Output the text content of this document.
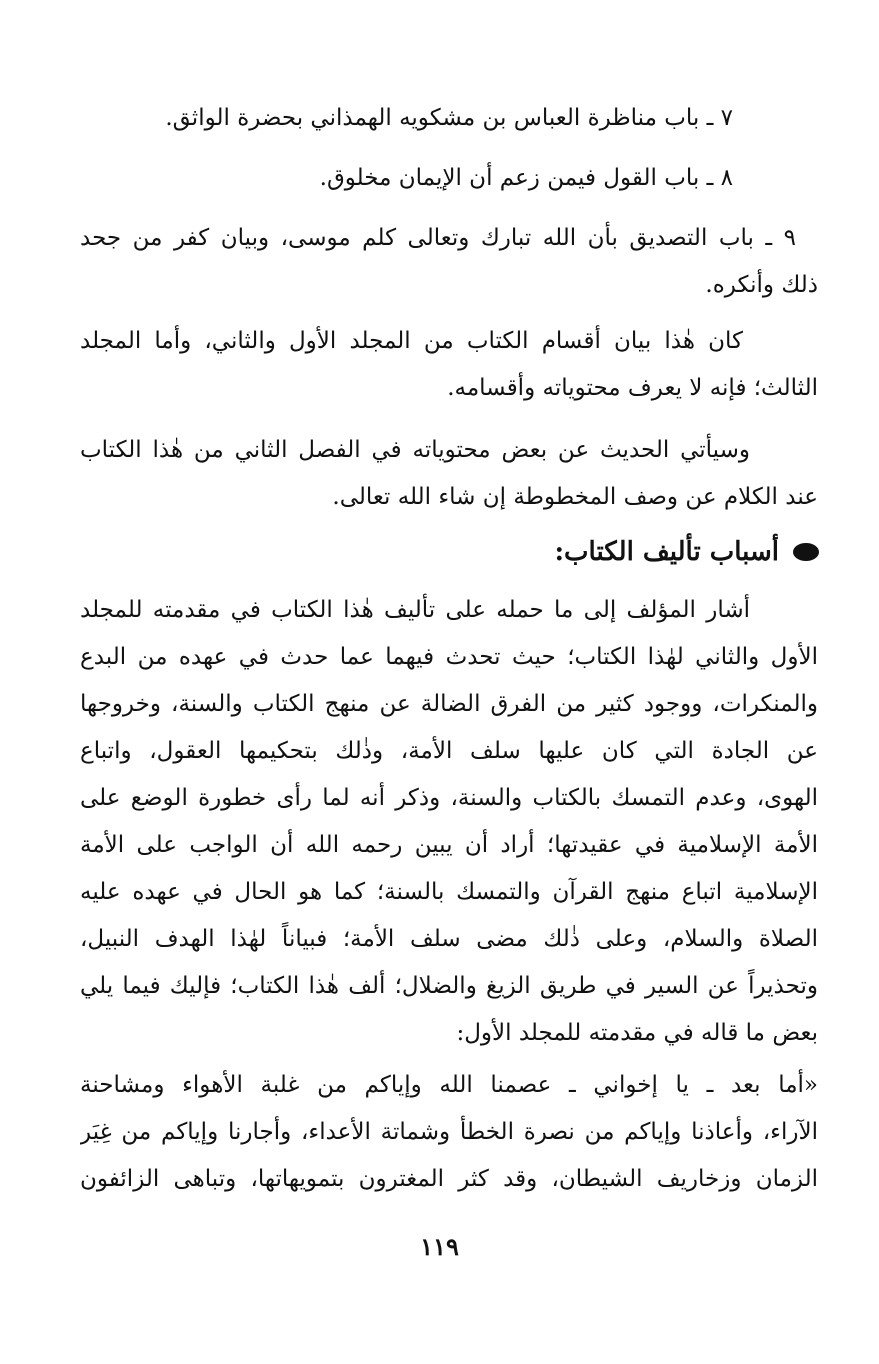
٧ ـ باب مناظرة العباس بن مشكويه الهمذاني بحضرة الواثق.
٨ ـ باب القول فيمن زعم أن الإيمان مخلوق.
٩ ـ باب التصديق بأن الله تبارك وتعالى كلم موسى، وبيان كفر من جحد
ذلك وأنكره.
كان هٰذا بيان أقسام الكتاب من المجلد الأول والثاني، وأما المجلد
الثالث؛ فإنه لا يعرف محتوياته وأقسامه.
وسيأتي الحديث عن بعض محتوياته في الفصل الثاني من هٰذا الكتاب
عند الكلام عن وصف المخطوطة إن شاء الله تعالى.
أسباب تأليف الكتاب:
أشار المؤلف إلى ما حمله على تأليف هٰذا الكتاب في مقدمته للمجلد
الأول والثاني لهٰذا الكتاب؛ حيث تحدث فيهما عما حدث في عهده من البدع
والمنكرات، ووجود كثير من الفرق الضالة عن منهج الكتاب والسنة، وخروجها
عن الجادة التي كان عليها سلف الأمة، وذٰلك بتحكيمها العقول، واتباع
الهوى، وعدم التمسك بالكتاب والسنة، وذكر أنه لما رأى خطورة الوضع على
الأمة الإسلامية في عقيدتها؛ أراد أن يبين رحمه الله أن الواجب على الأمة
الإسلامية اتباع منهج القرآن والتمسك بالسنة؛ كما هو الحال في عهده عليه
الصلاة والسلام، وعلى ذٰلك مضى سلف الأمة؛ فبياناً لهٰذا الهدف النبيل،
وتحذيراً عن السير في طريق الزيغ والضلال؛ ألف هٰذا الكتاب؛ فإليك فيما يلي
بعض ما قاله في مقدمته للمجلد الأول:
«أما بعد ـ يا إخواني ـ عصمنا الله وإياكم من غلبة الأهواء ومشاحنة
الآراء، وأعاذنا وإياكم من نصرة الخطأ وشماتة الأعداء، وأجارنا وإياكم من غِيَر
الزمان وزخاريف الشيطان، وقد كثر المغترون بتمويهاتها، وتباهى الزائفون
١١٩
